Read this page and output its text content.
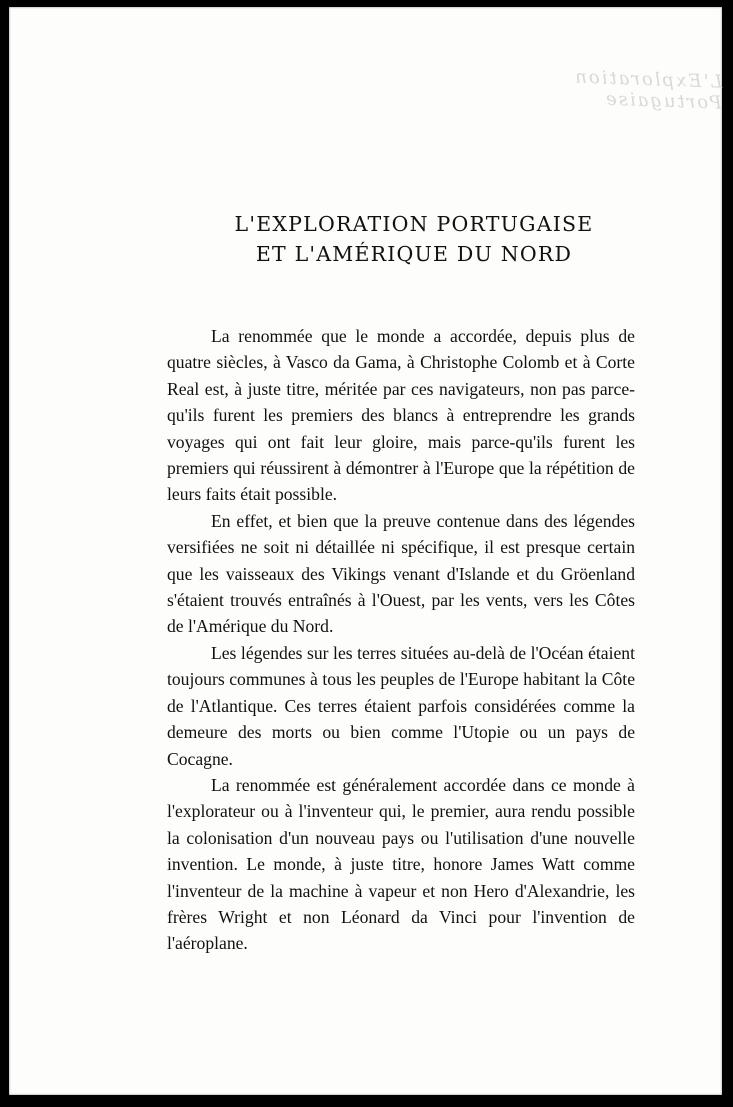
L'Exploration Portugaise
L'EXPLORATION PORTUGAISE
ET L'AMÉRIQUE DU NORD

La renommée que le monde a accordée, depuis plus de quatre siècles, à Vasco da Gama, à Christophe Colomb et à Corte Real est, à juste titre, méritée par ces navigateurs, non pas parce-qu'ils furent les premiers des blancs à entreprendre les grands voyages qui ont fait leur gloire, mais parce-qu'ils furent les premiers qui réussirent à démontrer à l'Europe que la répétition de leurs faits était possible.

En effet, et bien que la preuve contenue dans des légendes versifiées ne soit ni détaillée ni spécifique, il est presque certain que les vaisseaux des Vikings venant d'Islande et du Gröenland s'étaient trouvés entraînés à l'Ouest, par les vents, vers les Côtes de l'Amérique du Nord.

Les légendes sur les terres situées au-delà de l'Océan étaient toujours communes à tous les peuples de l'Europe habitant la Côte de l'Atlantique. Ces terres étaient parfois considérées comme la demeure des morts ou bien comme l'Utopie ou un pays de Cocagne.

La renommée est généralement accordée dans ce monde à l'explorateur ou à l'inventeur qui, le premier, aura rendu possible la colonisation d'un nouveau pays ou l'utilisation d'une nouvelle invention. Le monde, à juste titre, honore James Watt comme l'inventeur de la machine à vapeur et non Hero d'Alexandrie, les frères Wright et non Léonard da Vinci pour l'invention de l'aéroplane.
